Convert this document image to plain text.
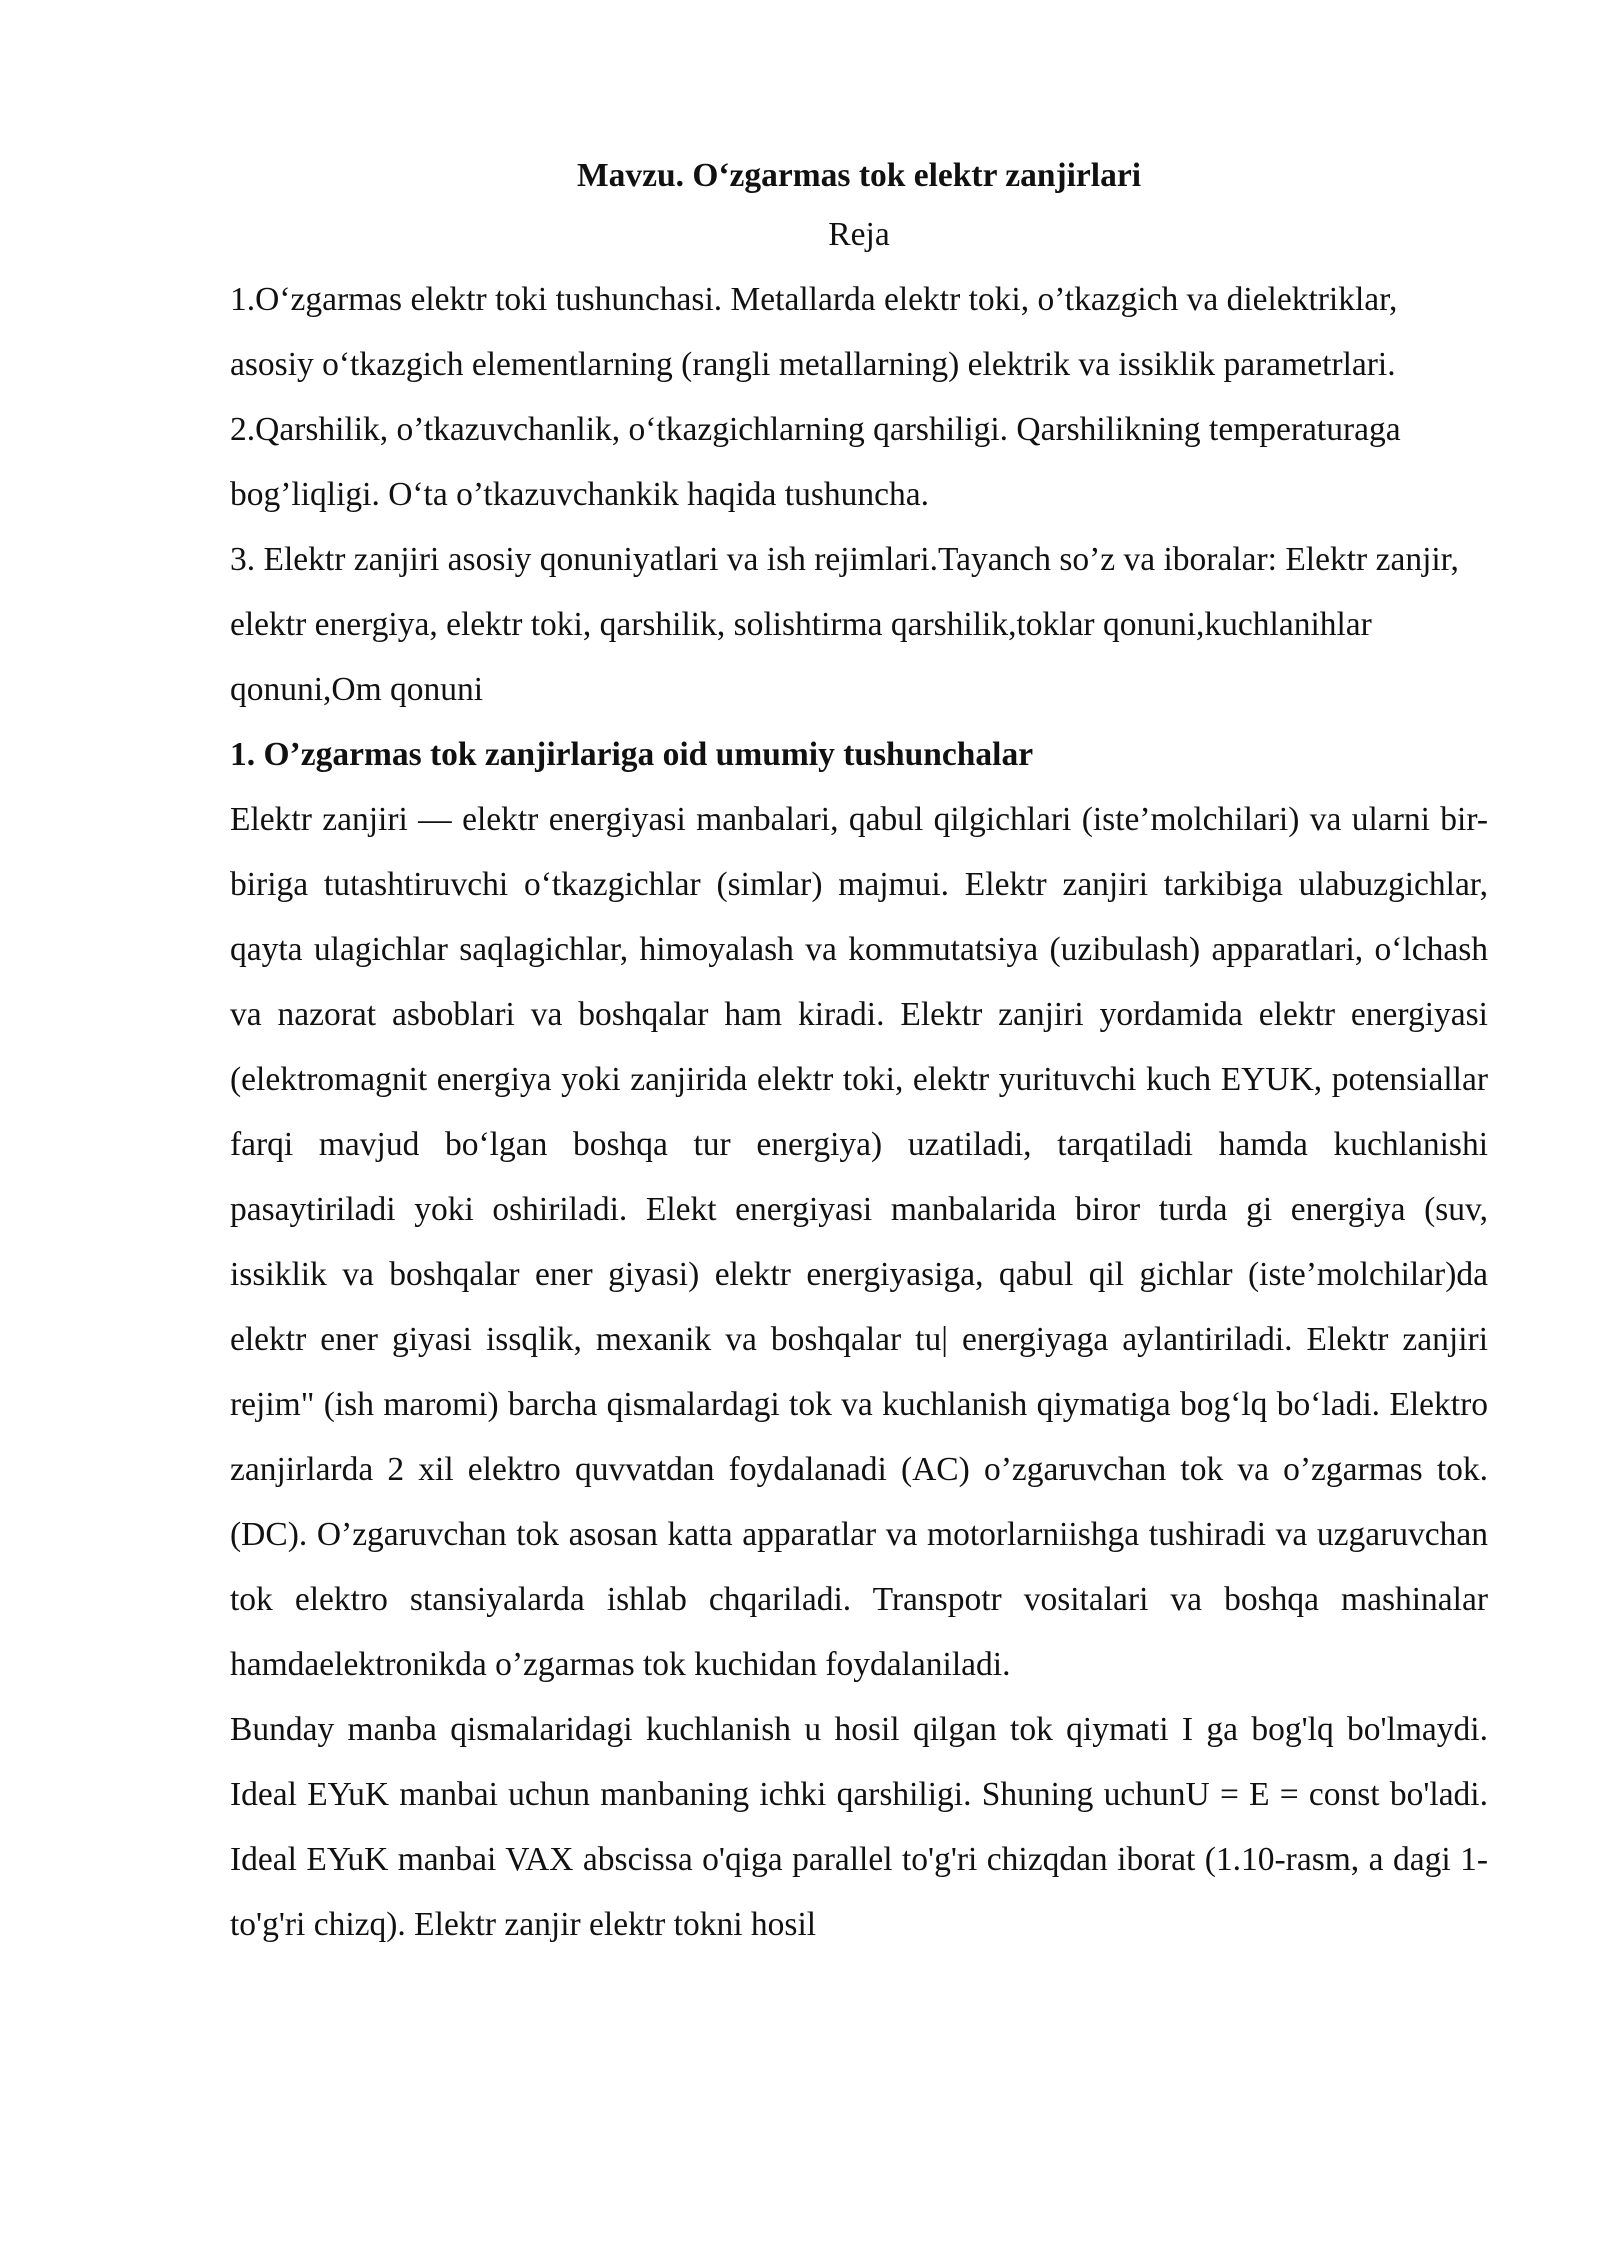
Mavzu. O‘zgarmas tok elektr zanjirlari

Reja

1.O‘zgarmas elektr toki tushunchasi. Metallarda elektr toki, o’tkazgich va dielektriklar, asosiy o‘tkazgich elementlarning (rangli metallarning) elektrik va issiklik parametrlari.

2.Qarshilik, o’tkazuvchanlik, o‘tkazgichlarning qarshiligi. Qarshilikning temperaturaga bog’liqligi. O‘ta o’tkazuvchankik haqida tushuncha.

3. Elektr zanjiri asosiy qonuniyatlari va ish rejimlari.Tayanch so’z va iboralar: Elektr zanjir, elektr energiya, elektr toki, qarshilik, solishtirma qarshilik,toklar qonuni,kuchlanihlar qonuni,Om qonuni

1. O’zgarmas tok zanjirlariga oid umumiy tushunchalar

Elektr zanjiri — elektr energiyasi manbalari, qabul qilgichlari (iste’molchilari) va ularni bir-biriga tutashtiruvchi o‘tkazgichlar (simlar) majmui. Elektr zanjiri tarkibiga ulabuzgichlar, qayta ulagichlar saqlagichlar, himoyalash va kommutatsiya (uzibulash) apparatlari, o‘lchash va nazorat asboblari va boshqalar ham kiradi. Elektr zanjiri yordamida elektr energiyasi (elektromagnit energiya yoki zanjirida elektr toki, elektr yurituvchi kuch EYUK, potensiallar farqi mavjud bo‘lgan boshqa tur energiya) uzatiladi, tarqatiladi hamda kuchlanishi pasaytiriladi yoki oshiriladi. Elekt energiyasi manbalarida biror turda gi energiya (suv, issiklik va boshqalar ener giyasi) elektr energiyasiga, qabul qil gichlar (iste’molchilar)da elektr ener giyasi issqlik, mexanik va boshqalar tu| energiyaga aylantiriladi. Elektr zanjiri rejim" (ish maromi) barcha qismalardagi tok va kuchlanish qiymatiga bog‘lq bo‘ladi. Elektro zanjirlarda 2 xil elektro quvvatdan foydalanadi (AC) o’zgaruvchan tok va o’zgarmas tok. (DC). O’zgaruvchan tok asosan katta apparatlar va motorlarniishga tushiradi va uzgaruvchan tok elektro stansiyalarda ishlab chqariladi. Transpotr vositalari va boshqa mashinalar hamdaelektronikda o’zgarmas tok kuchidan foydalaniladi.

Bunday manba qismalaridagi kuchlanish u hosil qilgan tok qiymati I ga bog'lq bo'lmaydi. Ideal EYuK manbai uchun manbaning ichki qarshiligi. Shuning uchunU = E = const bo'ladi. Ideal EYuK manbai VAX abscissa o'qiga parallel to'g'ri chizqdan iborat (1.10-rasm, a dagi 1-to'g'ri chizq). Elektr zanjir elektr tokni hosil
